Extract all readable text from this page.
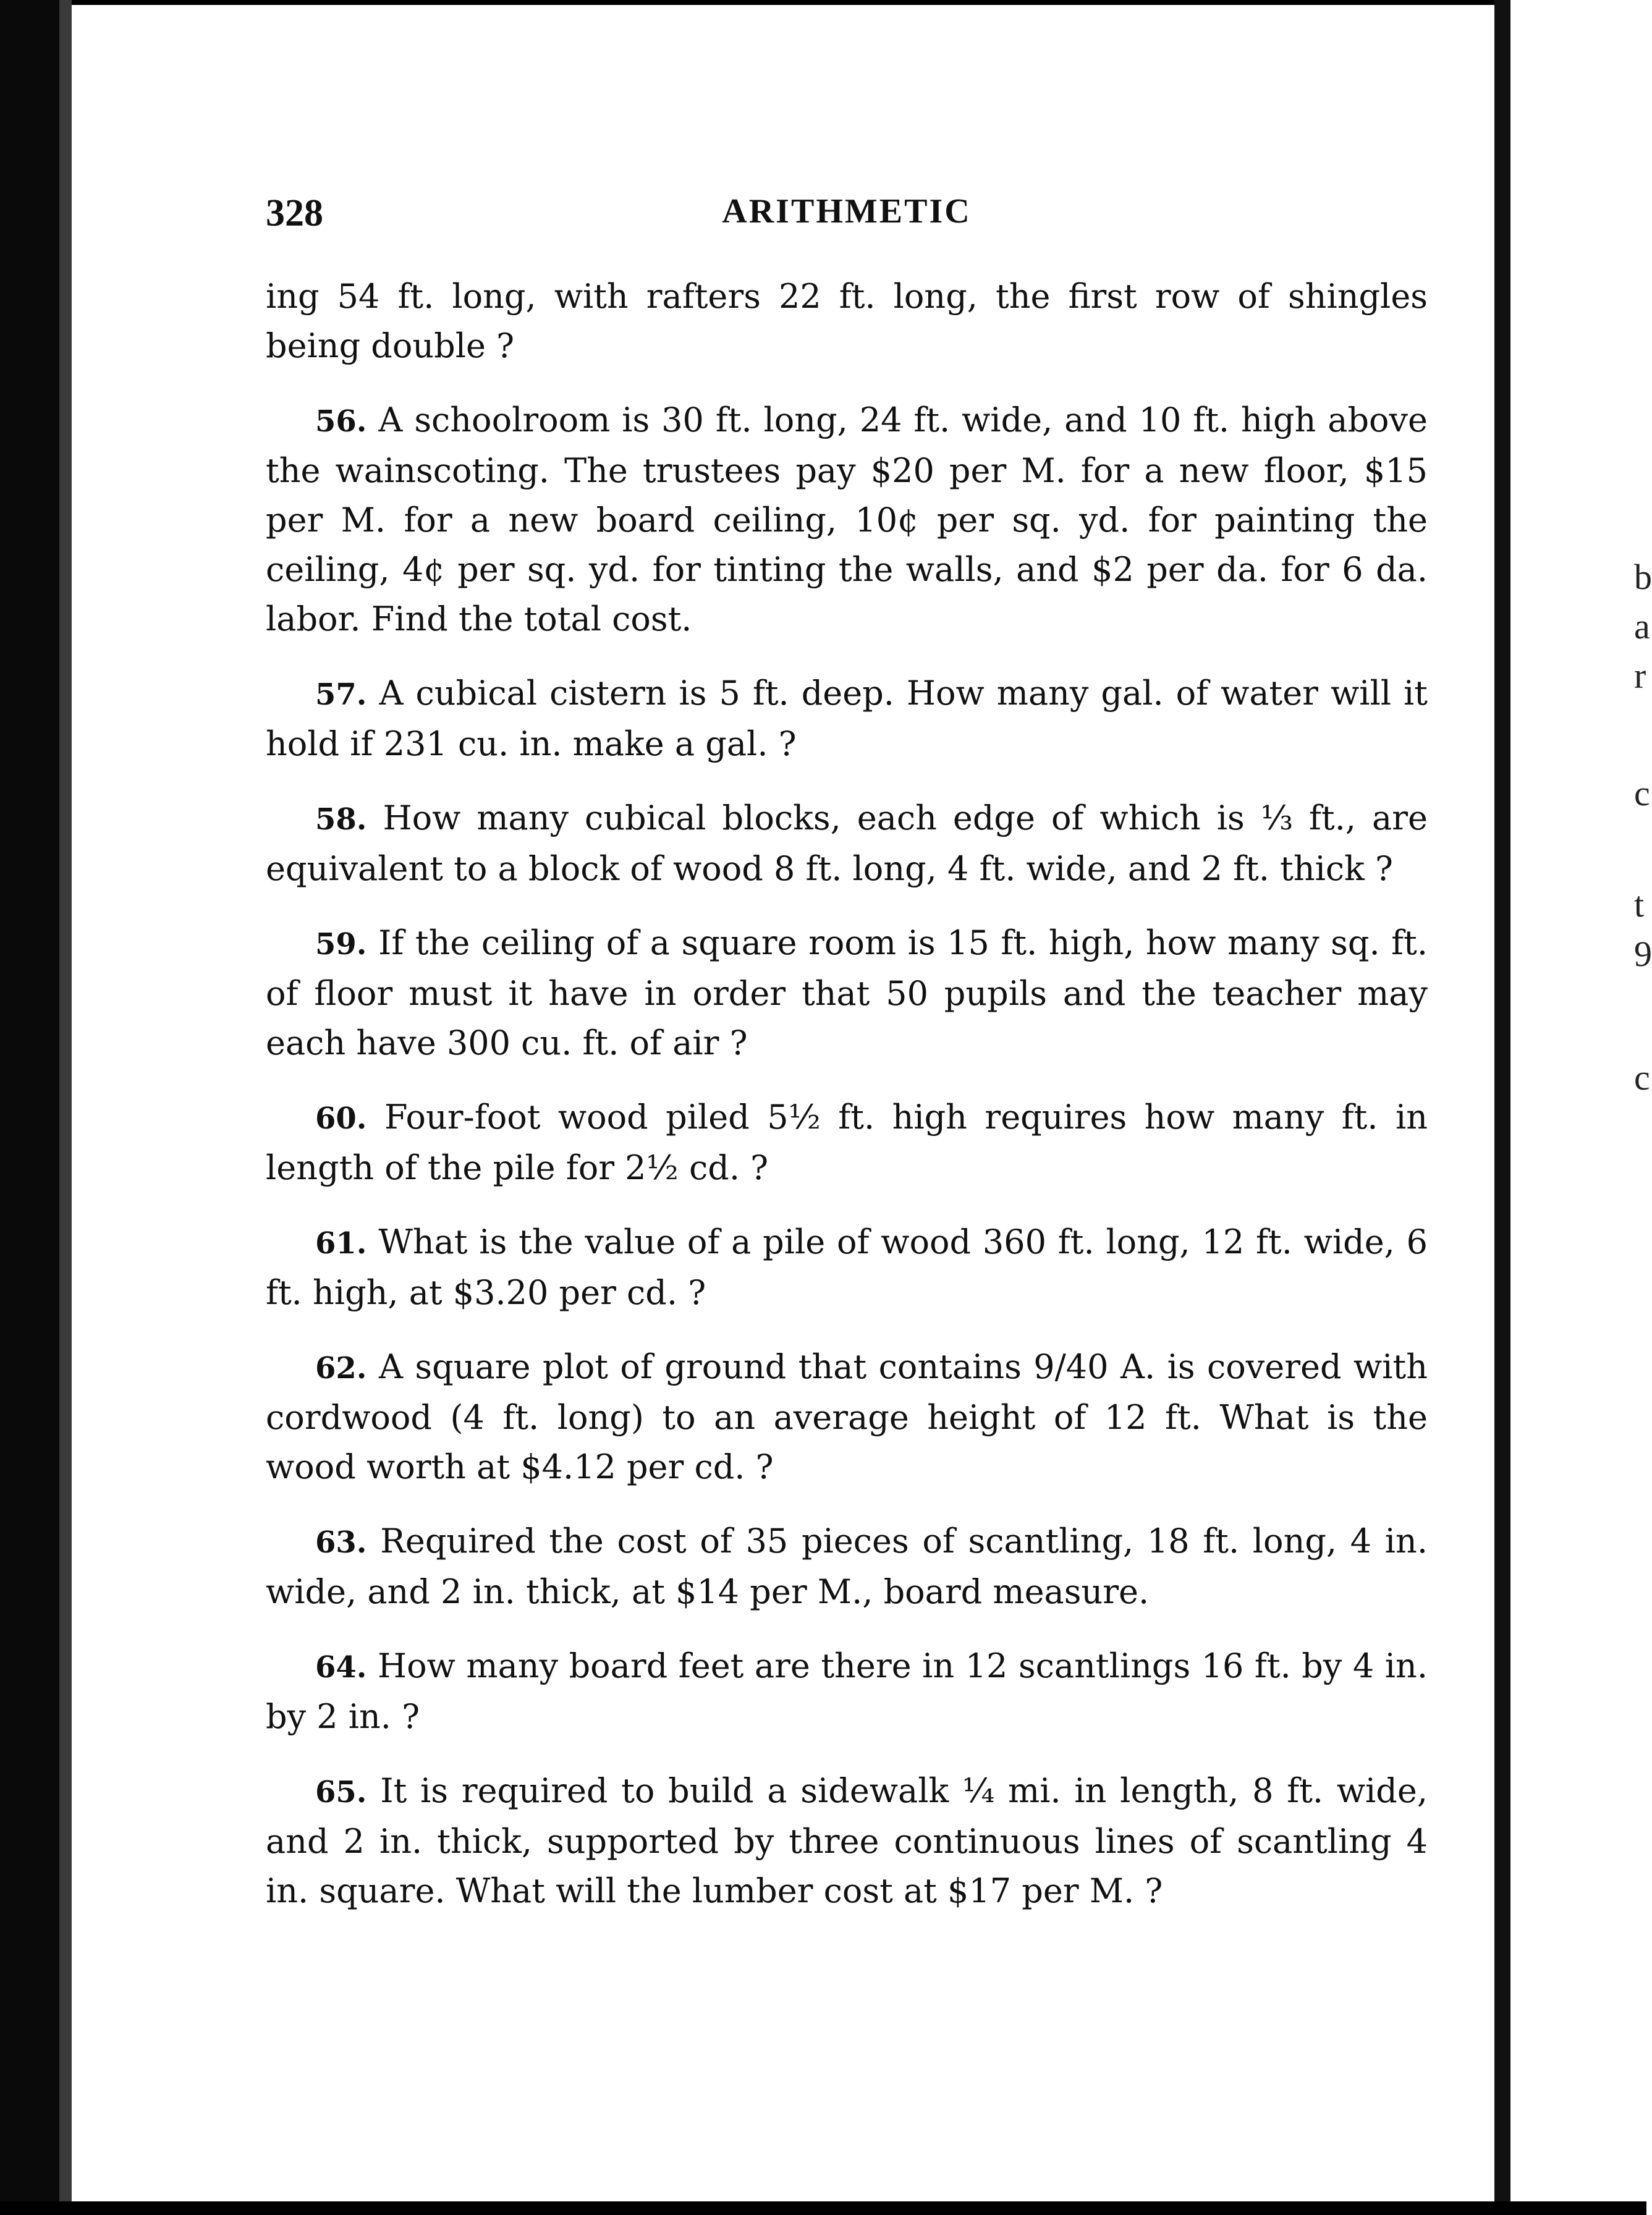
b
a
r
c
t
9
c
328	ARITHMETIC

ing 54 ft. long, with rafters 22 ft. long, the first row of shingles being double ?

56. A schoolroom is 30 ft. long, 24 ft. wide, and 10 ft. high above the wainscoting. The trustees pay $20 per M. for a new floor, $15 per M. for a new board ceiling, 10¢ per sq. yd. for painting the ceiling, 4¢ per sq. yd. for tinting the walls, and $2 per da. for 6 da. labor. Find the total cost.

57. A cubical cistern is 5 ft. deep. How many gal. of water will it hold if 231 cu. in. make a gal. ?

58. How many cubical blocks, each edge of which is ⅓ ft., are equivalent to a block of wood 8 ft. long, 4 ft. wide, and 2 ft. thick ?

59. If the ceiling of a square room is 15 ft. high, how many sq. ft. of floor must it have in order that 50 pupils and the teacher may each have 300 cu. ft. of air ?

60. Four-foot wood piled 5½ ft. high requires how many ft. in length of the pile for 2½ cd. ?

61. What is the value of a pile of wood 360 ft. long, 12 ft. wide, 6 ft. high, at $3.20 per cd. ?

62. A square plot of ground that contains 9/40 A. is covered with cordwood (4 ft. long) to an average height of 12 ft. What is the wood worth at $4.12 per cd. ?

63. Required the cost of 35 pieces of scantling, 18 ft. long, 4 in. wide, and 2 in. thick, at $14 per M., board measure.

64. How many board feet are there in 12 scantlings 16 ft. by 4 in. by 2 in. ?

65. It is required to build a sidewalk ¼ mi. in length, 8 ft. wide, and 2 in. thick, supported by three continuous lines of scantling 4 in. square. What will the lumber cost at $17 per M. ?
